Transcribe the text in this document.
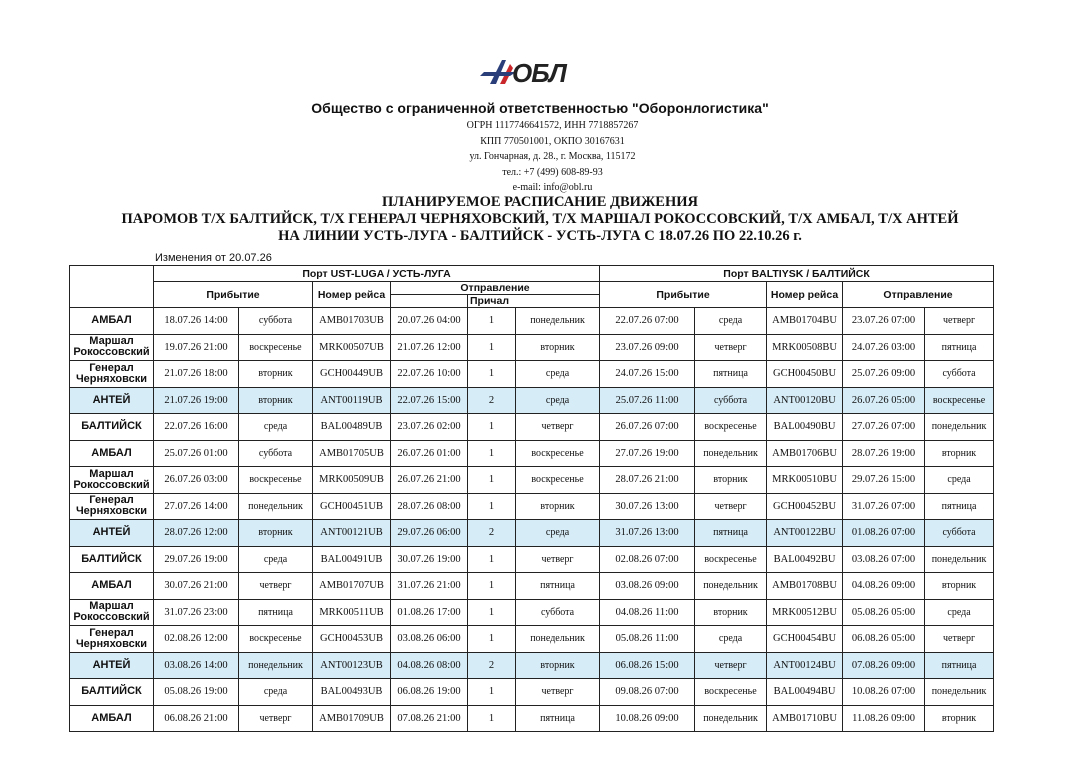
ОБЛ
Общество с ограниченной ответственностью "Оборонлогистика"
ОГРН 1117746641572, ИНН 7718857267
КПП 770501001, ОКПО 30167631
ул. Гончарная, д. 28., г. Москва, 115172
тел.: +7 (499) 608-89-93
e-mail: info@obl.ru
ПЛАНИРУЕМОЕ РАСПИСАНИЕ ДВИЖЕНИЯ
ПАРОМОВ Т/Х БАЛТИЙСК, Т/Х ГЕНЕРАЛ ЧЕРНЯХОВСКИЙ, Т/Х МАРШАЛ РОКОССОВСКИЙ, Т/Х АМБАЛ, Т/Х АНТЕЙ
НА ЛИНИИ УСТЬ-ЛУГА - БАЛТИЙСК - УСТЬ-ЛУГА С 18.07.26 ПО 22.10.26 г.
Изменения от 20.07.26
	Порт UST-LUGA / УСТЬ-ЛУГА						Порт BALTIYSK / БАЛТИЙСК				
	Прибытие		Номер рейса	Отправление			Прибытие		Номер рейса	Отправление	
					Причал						

АМБАЛ	18.07.26 14:00	суббота	AMB01703UB	20.07.26 04:00	1	понедельник	22.07.26 07:00	среда	AMB01704BU	23.07.26 07:00	четверг

Маршал
Рокоссовский	19.07.26 21:00	воскресенье	MRK00507UB	21.07.26 12:00	1	вторник	23.07.26 09:00	четверг	MRK00508BU	24.07.26 03:00	пятница

Генерал
Черняховски	21.07.26 18:00	вторник	GCH00449UB	22.07.26 10:00	1	среда	24.07.26 15:00	пятница	GCH00450BU	25.07.26 09:00	суббота

АНТЕЙ	21.07.26 19:00	вторник	ANT00119UB	22.07.26 15:00	2	среда	25.07.26 11:00	суббота	ANT00120BU	26.07.26 05:00	воскресенье

БАЛТИЙСК	22.07.26 16:00	среда	BAL00489UB	23.07.26 02:00	1	четверг	26.07.26 07:00	воскресенье	BAL00490BU	27.07.26 07:00	понедельник

АМБАЛ	25.07.26 01:00	суббота	AMB01705UB	26.07.26 01:00	1	воскресенье	27.07.26 19:00	понедельник	AMB01706BU	28.07.26 19:00	вторник

Маршал
Рокоссовский	26.07.26 03:00	воскресенье	MRK00509UB	26.07.26 21:00	1	воскресенье	28.07.26 21:00	вторник	MRK00510BU	29.07.26 15:00	среда

Генерал
Черняховски	27.07.26 14:00	понедельник	GCH00451UB	28.07.26 08:00	1	вторник	30.07.26 13:00	четверг	GCH00452BU	31.07.26 07:00	пятница

АНТЕЙ	28.07.26 12:00	вторник	ANT00121UB	29.07.26 06:00	2	среда	31.07.26 13:00	пятница	ANT00122BU	01.08.26 07:00	суббота

БАЛТИЙСК	29.07.26 19:00	среда	BAL00491UB	30.07.26 19:00	1	четверг	02.08.26 07:00	воскресенье	BAL00492BU	03.08.26 07:00	понедельник

АМБАЛ	30.07.26 21:00	четверг	AMB01707UB	31.07.26 21:00	1	пятница	03.08.26 09:00	понедельник	AMB01708BU	04.08.26 09:00	вторник

Маршал
Рокоссовский	31.07.26 23:00	пятница	MRK00511UB	01.08.26 17:00	1	суббота	04.08.26 11:00	вторник	MRK00512BU	05.08.26 05:00	среда

Генерал
Черняховски	02.08.26 12:00	воскресенье	GCH00453UB	03.08.26 06:00	1	понедельник	05.08.26 11:00	среда	GCH00454BU	06.08.26 05:00	четверг

АНТЕЙ	03.08.26 14:00	понедельник	ANT00123UB	04.08.26 08:00	2	вторник	06.08.26 15:00	четверг	ANT00124BU	07.08.26 09:00	пятница

БАЛТИЙСК	05.08.26 19:00	среда	BAL00493UB	06.08.26 19:00	1	четверг	09.08.26 07:00	воскресенье	BAL00494BU	10.08.26 07:00	понедельник

АМБАЛ	06.08.26 21:00	четверг	AMB01709UB	07.08.26 21:00	1	пятница	10.08.26 09:00	понедельник	AMB01710BU	11.08.26 09:00	вторник
